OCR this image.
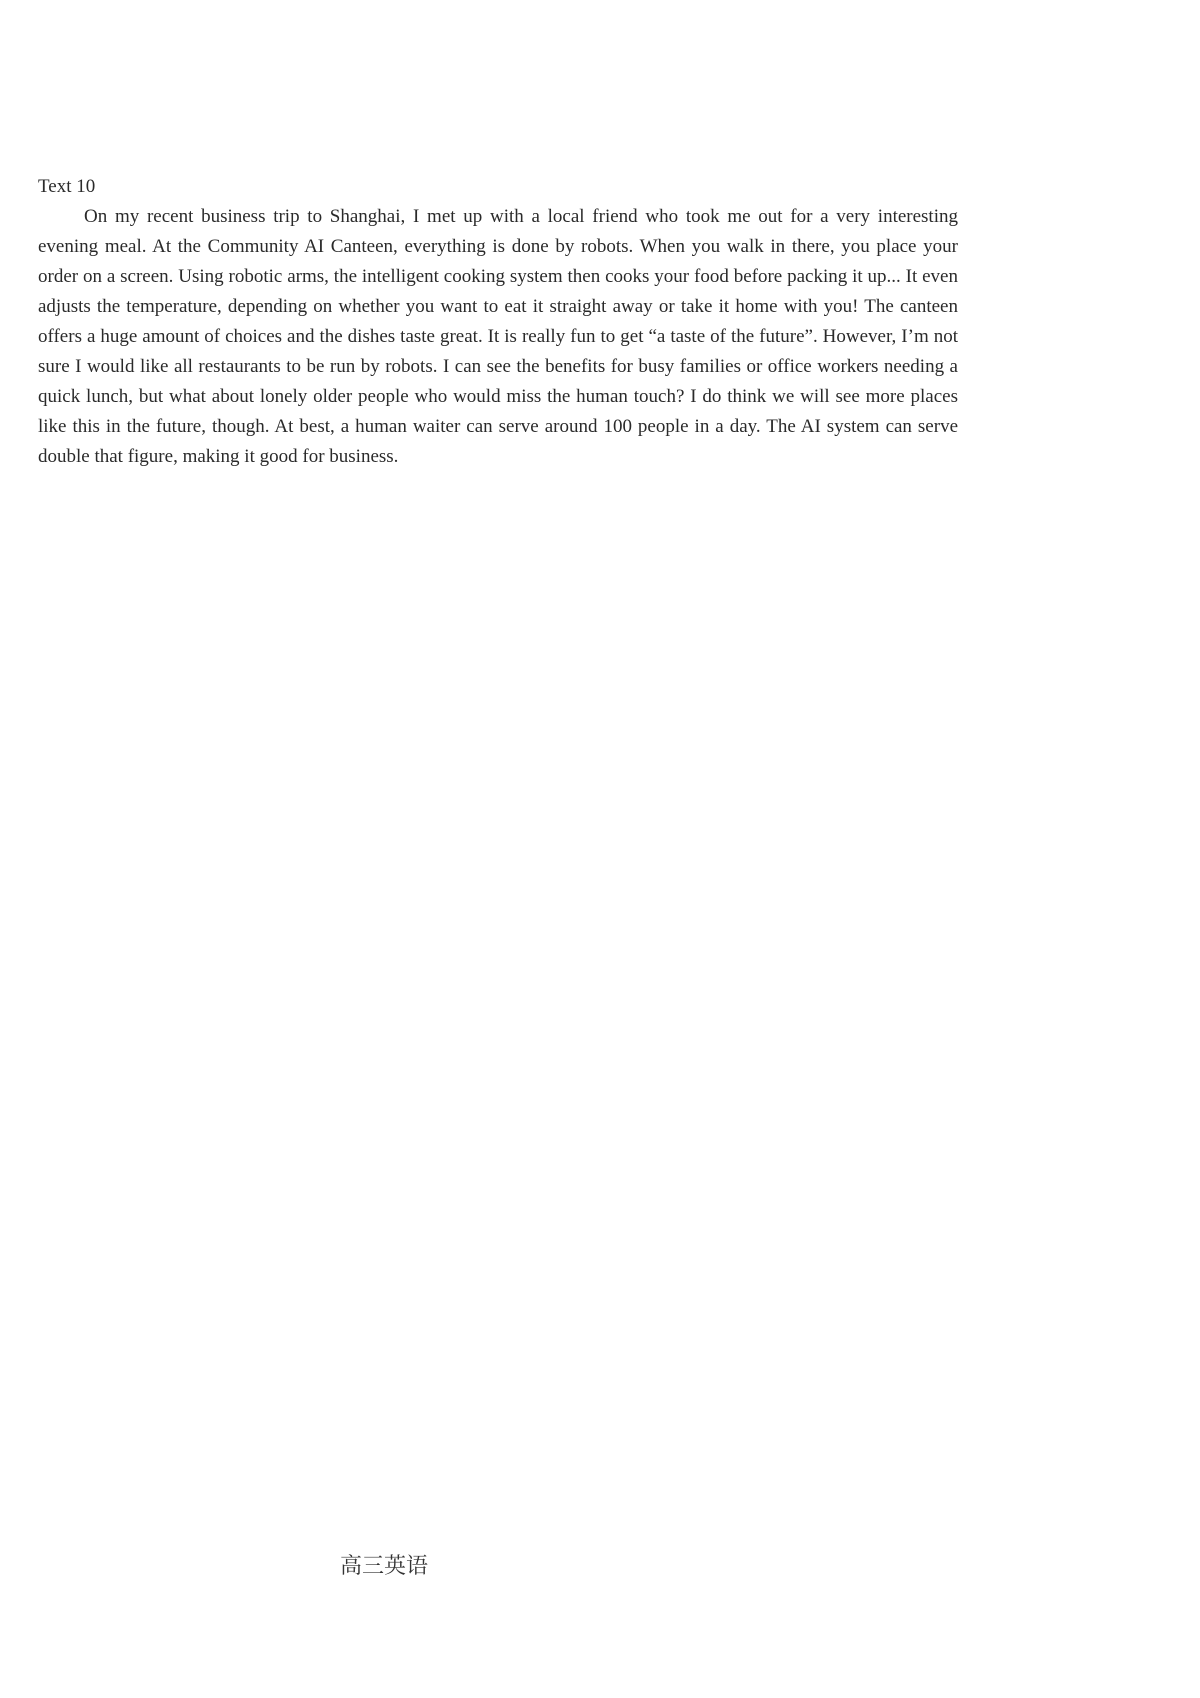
Text 10

On my recent business trip to Shanghai, I met up with a local friend who took me out for a very interesting evening meal. At the Community AI Canteen, everything is done by robots. When you walk in there, you place your order on a screen. Using robotic arms, the intelligent cooking system then cooks your food before packing it up... It even adjusts the temperature, depending on whether you want to eat it straight away or take it home with you! The canteen offers a huge amount of choices and the dishes taste great. It is really fun to get “a taste of the future”. However, I’m not sure I would like all restaurants to be run by robots. I can see the benefits for busy families or office workers needing a quick lunch, but what about lonely older people who would miss the human touch? I do think we will see more places like this in the future, though. At best, a human waiter can serve around 100 people in a day. The AI system can serve double that figure, making it good for business.

高三英语
